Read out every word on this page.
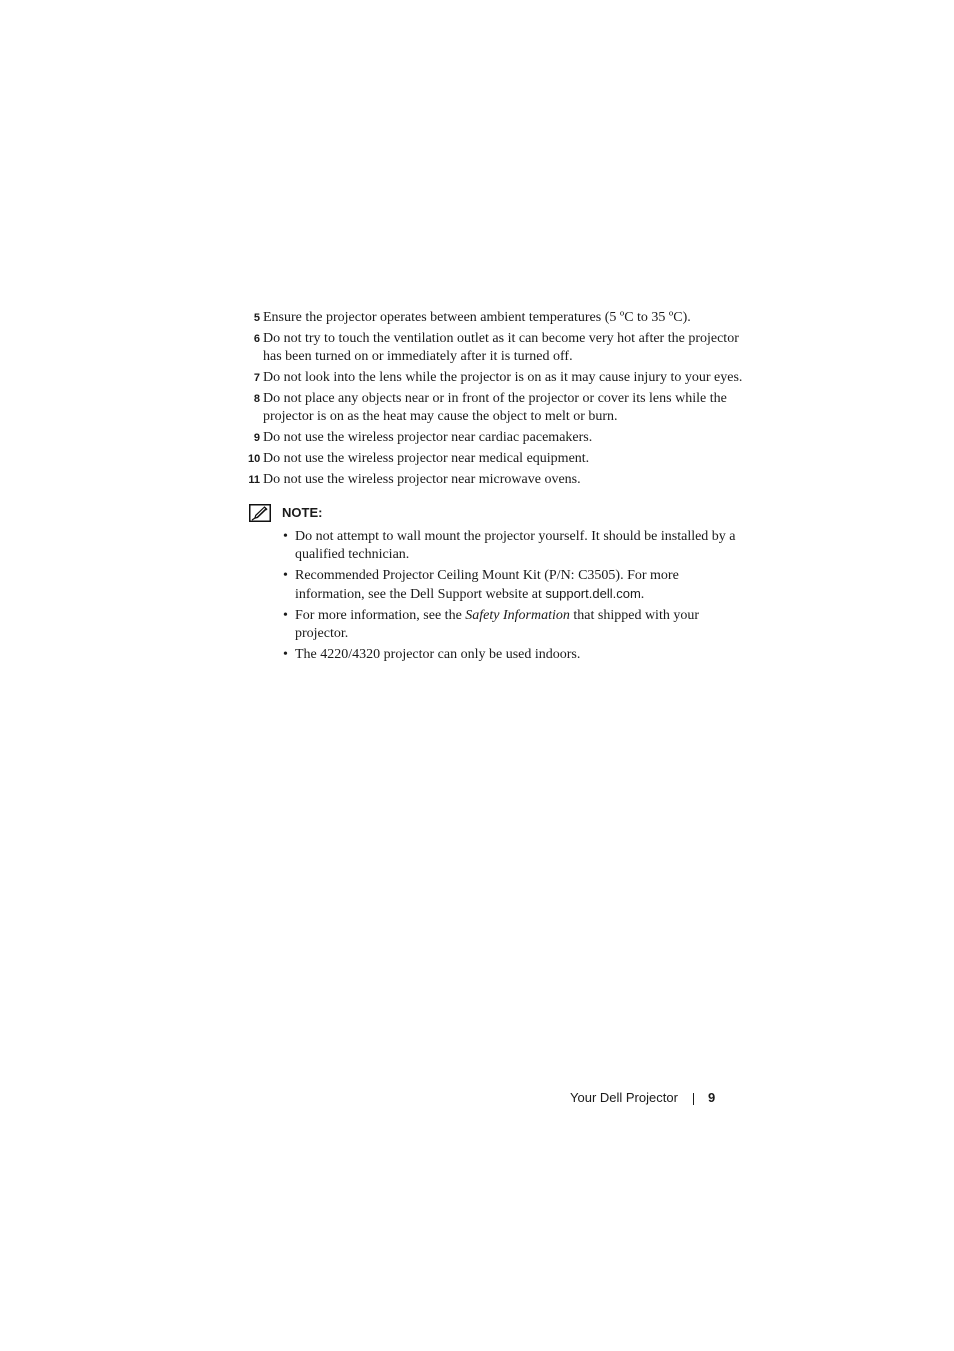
5 Ensure the projector operates between ambient temperatures (5 ºC to 35 ºC).
6 Do not try to touch the ventilation outlet as it can become very hot after the projector has been turned on or immediately after it is turned off.
7 Do not look into the lens while the projector is on as it may cause injury to your eyes.
8 Do not place any objects near or in front of the projector or cover its lens while the projector is on as the heat may cause the object to melt or burn.
9 Do not use the wireless projector near cardiac pacemakers.
10 Do not use the wireless projector near medical equipment.
11 Do not use the wireless projector near microwave ovens.
NOTE:
• Do not attempt to wall mount the projector yourself. It should be installed by a qualified technician.
• Recommended Projector Ceiling Mount Kit (P/N: C3505). For more information, see the Dell Support website at support.dell.com.
• For more information, see the Safety Information that shipped with your projector.
• The 4220/4320 projector can only be used indoors.
Your Dell Projector 9
